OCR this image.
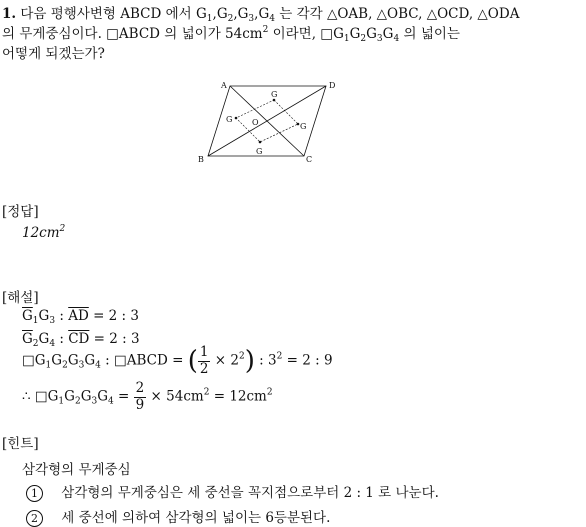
1. 다음 평행사변형 ABCD 에서 $G_1,G_2,G_3,G_4$ 는 각각 △OAB, △OBC, △OCD, △ODA
의 무게중심이다. □ABCD 의 넓이가 $54cm^2$ 이라면, $□G_1G_2G_3G_4$ 의 넓이는
어떻게 되겠는가?
A	D
B	C
O
G
G
G
G
[정답]
$12cm^2$
[해설]
$\overline{G}_1G_3$ : $\overline{AD} = 2$ : 3
$\overline{G}_2G_4$ : $\overline{CD} = 2$ : 3
$□G_1G_2G_3G_4$ : □ABCD = ( $\frac{1}{2} \times 2^2$) : $3^2 = 2$ : 9
∴ $□G_1G_2G_3G_4 = \frac{2}{9} \times 54cm^2 = 12cm^2$
[힌트]
삼각형의 무게중심
1 삼각형의 무게중심은 세 중선을 꼭지점으로부터 2 : 1 로 나눈다.
2 세 중선에 의하여 삼각형의 넓이는 6등분된다.
